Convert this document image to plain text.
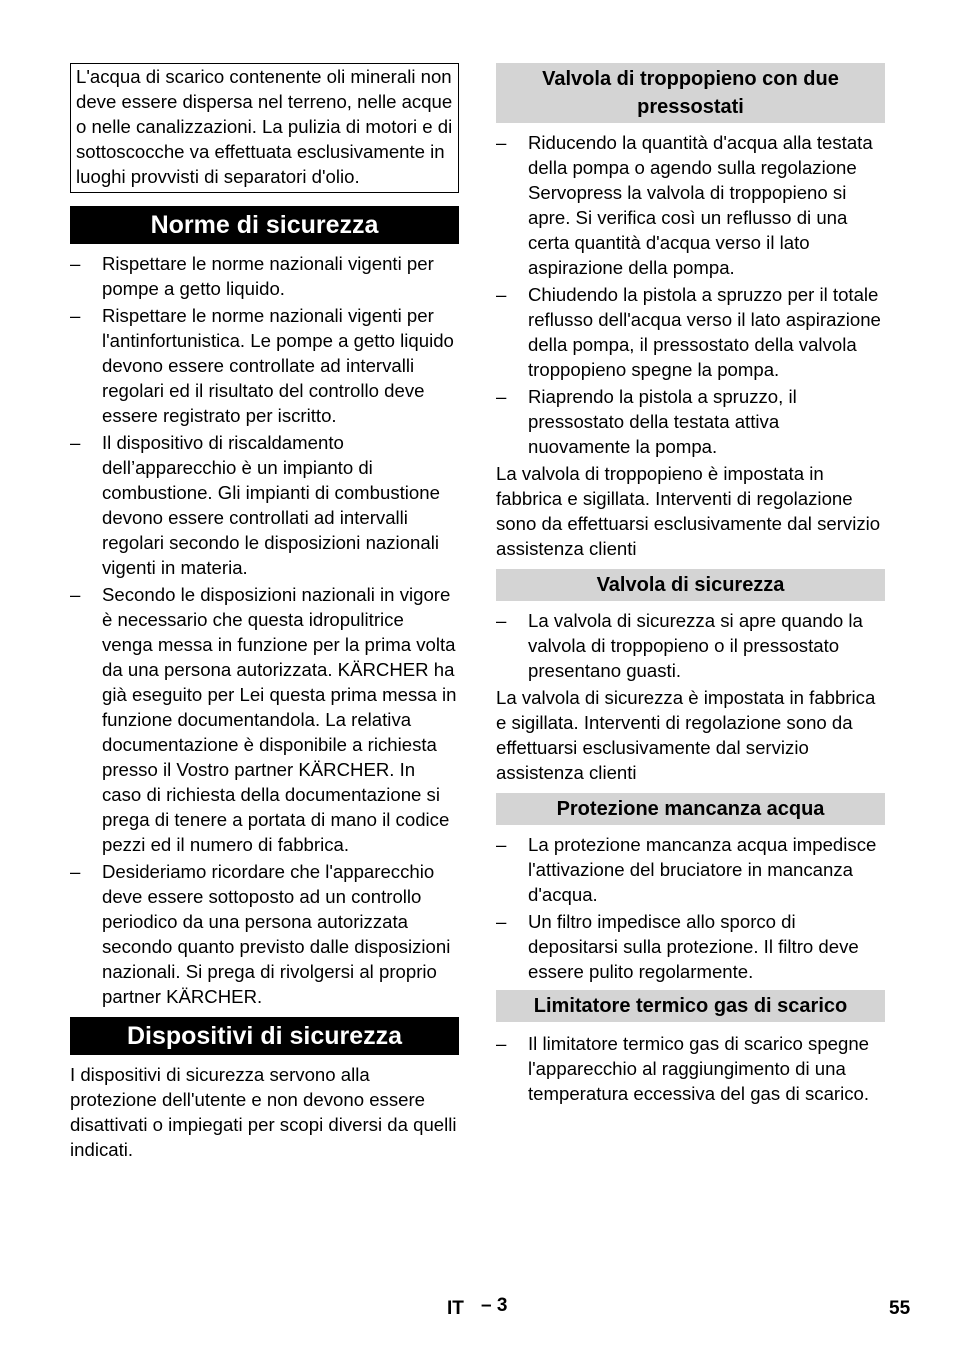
L'acqua di scarico contenente oli minerali non deve essere dispersa nel terreno, nelle acque o nelle canalizzazioni. La pulizia di motori e di sottoscocche va effettuata esclusivamente in luoghi provvisti di separatori d'olio.
Norme di sicurezza
– Rispettare le norme nazionali vigenti per pompe a getto liquido.
– Rispettare le norme nazionali vigenti per l'antinfortunistica. Le pompe a getto liquido devono essere controllate ad intervalli regolari ed il risultato del controllo deve essere registrato per iscritto.
– Il dispositivo di riscaldamento dell’apparecchio è un impianto di combustione. Gli impianti di combustione devono essere controllati ad intervalli regolari secondo le disposizioni nazionali vigenti in materia.
– Secondo le disposizioni nazionali in vigore è necessario che questa idropulitrice venga messa in funzione per la prima volta da una persona autorizzata. KÄRCHER ha già eseguito per Lei questa prima messa in funzione documentandola. La relativa documentazione è disponibile a richiesta presso il Vostro partner KÄRCHER. In caso di richiesta della documentazione si prega di tenere a portata di mano il codice pezzi ed il numero di fabbrica.
– Desideriamo ricordare che l'apparecchio deve essere sottoposto ad un controllo periodico da una persona autorizzata secondo quanto previsto dalle disposizioni nazionali. Si prega di rivolgersi al proprio partner KÄRCHER.
Dispositivi di sicurezza

I dispositivi di sicurezza servono alla protezione dell'utente e non devono essere disattivati o impiegati per scopi diversi da quelli indicati.

Valvola di troppopieno con due pressostati
– Riducendo la quantità d'acqua alla testata della pompa o agendo sulla regolazione Servopress la valvola di troppopieno si apre. Si verifica così un reflusso di una certa quantità d'acqua verso il lato aspirazione della pompa.
– Chiudendo la pistola a spruzzo per il totale reflusso dell'acqua verso il lato aspirazione della pompa, il pressostato della valvola troppopieno spegne la pompa.
– Riaprendo la pistola a spruzzo, il pressostato della testata attiva nuovamente la pompa.

La valvola di troppopieno è impostata in fabbrica e sigillata. Interventi di regolazione sono da effettuarsi esclusivamente dal servizio assistenza clienti

Valvola di sicurezza
– La valvola di sicurezza si apre quando la valvola di troppopieno o il pressostato presentano guasti.

La valvola di sicurezza è impostata in fabbrica e sigillata. Interventi di regolazione sono da effettuarsi esclusivamente dal servizio assistenza clienti

Protezione mancanza acqua
– La protezione mancanza acqua impedisce l'attivazione del bruciatore in mancanza d'acqua.
– Un filtro impedisce allo sporco di depositarsi sulla protezione. Il filtro deve essere pulito regolarmente.
Limitatore termico gas di scarico
– Il limitatore termico gas di scarico spegne l'apparecchio al raggiungimento di una temperatura eccessiva del gas di scarico.
IT – 3	55
